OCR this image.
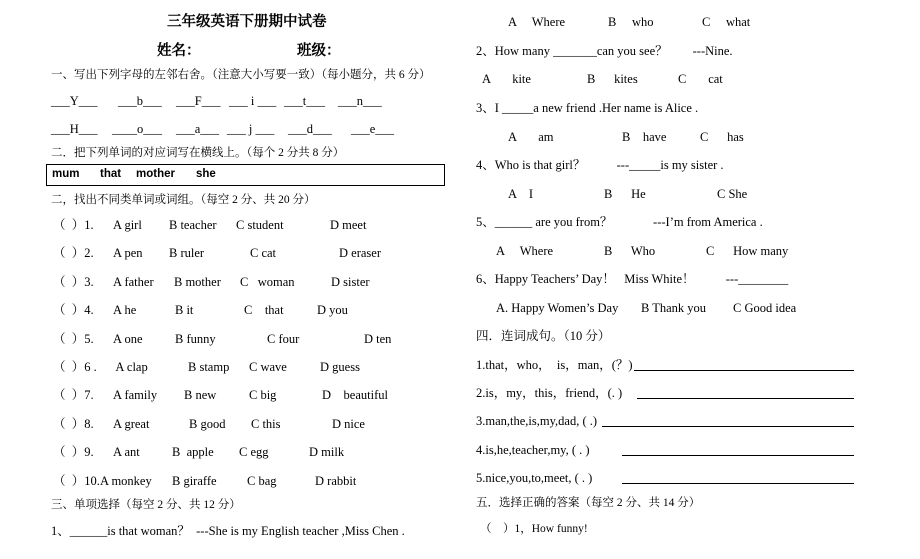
三年级英语下册期中试卷
姓名：	班级：
一、写出下列字母的左邻右舍。（注意大小写要一致）（每小题分，共 6 分）
___Y___ ___b___ ___F___ ___ i ___ ___t___ ___n___
___H___ ____o___ ___a___ ___ j ___ ___d___ ___e___
二．把下列单词的对应词写在横线上。（每个 2 分共 8 分）
mum that mother she
二，找出不同类单词或词组。（每空 2 分、共 20 分）
（  ）1. A girl B teacher C student	D meet
（  ）2. A pen B ruler	C cat	D eraser
（  ）3. A father B mother C   woman	D sister
（  ）4. A he	B it	C    that	D you
（  ）5. A one	B funny	C four	D ten
（  ）6 . A clap	B stamp C wave	D guess
（  ）7. A family B new	C big	D    beautiful
（  ）8. A great	B good C this	D nice
（  ）9. A ant	B  apple C egg	D milk
（  ）10. A monkey B giraffe C bag	D rabbit
三、单项选择（每空 2 分、共 12 分）
1、______is that woman？  ---She is my English teacher ,Miss Chen .
A     Where	B     who	C     what
2、How many _______can you see？        ---Nine.
A       kite	B      kites	C       cat
3、I _____a new friend .Her name is Alice .
A       am	B    have	C      has
4、Who is that girl？          ---_____is my sister .
A    I	B      He	C She
5、______ are you from？             ---I’m from America .
A     Where	B      Who	C      How many
6、Happy Teachers’ Day！   Miss White！          ---________
A. Happy Women’s Day B Thank you C Good idea
四．连词成句。（10 分）
1.that，who，  is，man，(？)
2.is，my，this，friend，(. )
3.man,the,is,my,dad, ( .)
4.is,he,teacher,my, ( . )
5.nice,you,to,meet, ( . )
五．选择正确的答案（每空 2 分、共 14 分）
（    ）1，How funny!
